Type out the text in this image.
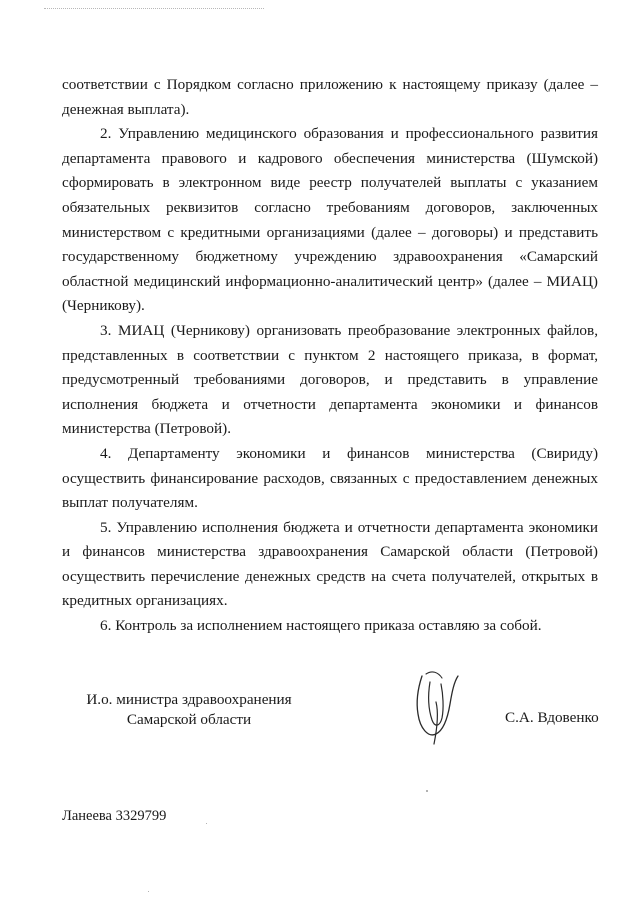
соответствии с Порядком согласно приложению к настоящему приказу (далее – денежная выплата).

2. Управлению медицинского образования и профессионального развития департамента правового и кадрового обеспечения министерства (Шумской) сформировать в электронном виде реестр получателей выплаты с указанием обязательных реквизитов согласно требованиям договоров, заключенных министерством с кредитными организациями (далее – договоры) и представить государственному бюджетному учреждению здравоохранения «Самарский областной медицинский информационно-аналитический центр» (далее – МИАЦ) (Черникову).

3. МИАЦ (Черникову) организовать преобразование электронных файлов, представленных в соответствии с пунктом 2 настоящего приказа, в формат, предусмотренный требованиями договоров, и представить в управление исполнения бюджета и отчетности департамента экономики и финансов министерства (Петровой).

4. Департаменту экономики и финансов министерства (Свириду) осуществить финансирование расходов, связанных с предоставлением денежных выплат получателям.

5. Управлению исполнения бюджета и отчетности департамента экономики и финансов министерства здравоохранения Самарской области (Петровой) осуществить перечисление денежных средств на счета получателей, открытых в кредитных организациях.

6. Контроль за исполнением настоящего приказа оставляю за собой.

И.о. министра здравоохранения
Самарской области	С.А. Вдовенко
Ланеева 3329799
